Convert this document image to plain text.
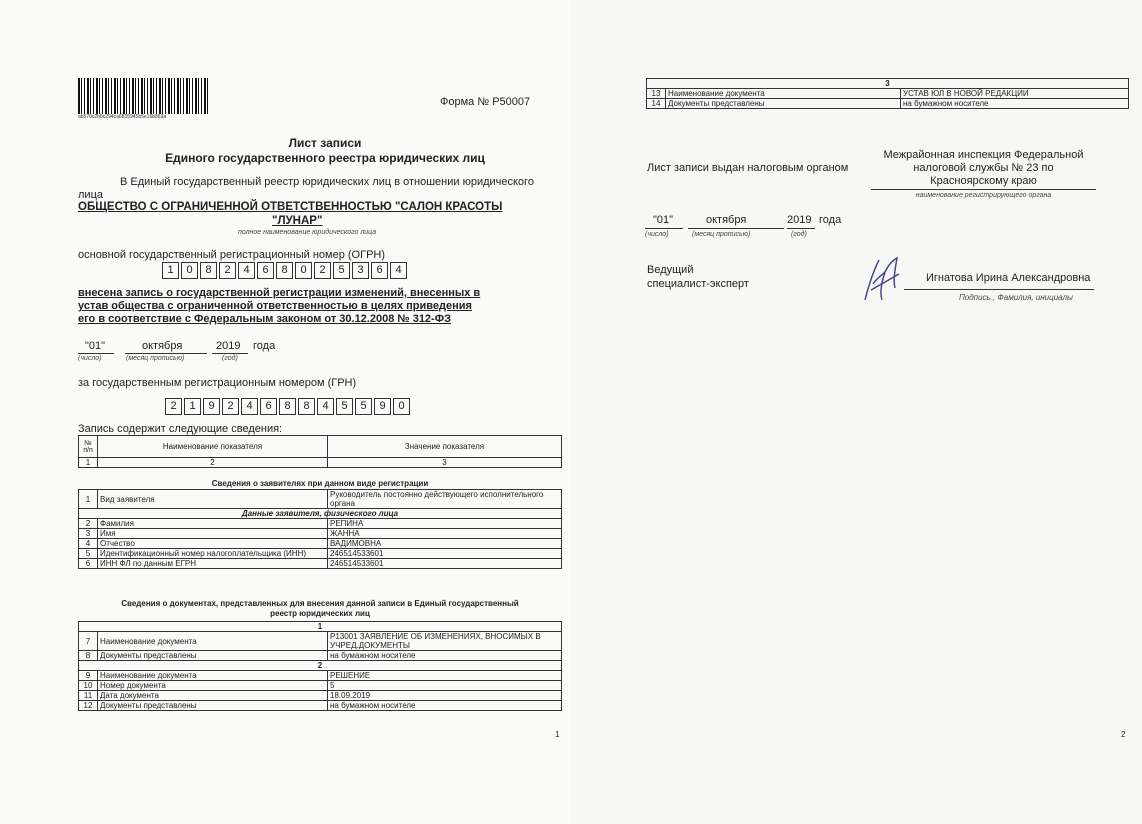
ab570c2b8c294ca6835945b5e16b869a
Форма № Р50007
Лист записи
Единого государственного реестра юридических лиц
В Единый государственный реестр юридических лиц в отношении юридического
лица
ОБЩЕСТВО С ОГРАНИЧЕННОЙ ОТВЕТСТВЕННОСТЬЮ "САЛОН КРАСОТЫ
"ЛУНАР"
полное наименование юридического лица
основной государственный регистрационный номер (ОГРН)
1	0	8	2	4	6	8	0	2	5	3	6	4
внесена запись о государственной регистрации изменений, внесенных в
устав общества с ограниченной ответственностью в целях приведения
его в соответствие с Федеральным законом от 30.12.2008 № 312-ФЗ
"01"	октября	2019 года
(число)	(месяц прописью)	(год)
за государственным регистрационным номером (ГРН)
2	1	9	2	4	6	8	8	4	5	5	9	0
Запись содержит следующие сведения:
№ п/п	Наименование показателя	Значение показателя
1	2	3
Сведения о заявителях при данном виде регистрации
1	Вид заявителя	Руководитель постоянно действующего исполнительного органа
Данные заявителя, физического лица		
2	Фамилия	РЕПИНА
3	Имя	ЖАННА
4	Отчество	ВАДИМОВНА
5	Идентификационный номер налогоплательщика (ИНН)	246514533601
6	ИНН ФЛ по данным ЕГРН	246514533601
Сведения о документах, представленных для внесения данной записи в Единый государственный
реестр юридических лиц
1		
7	Наименование документа	Р13001 ЗАЯВЛЕНИЕ ОБ ИЗМЕНЕНИЯХ, ВНОСИМЫХ В УЧРЕД.ДОКУМЕНТЫ
8	Документы представлены	на бумажном носителе
2		
9	Наименование документа	РЕШЕНИЕ
10	Номер документа	5
11	Дата документа	18.09.2019
12	Документы представлены	на бумажном носителе
1
3		
13	Наименование документа	УСТАВ ЮЛ В НОВОЙ РЕДАКЦИИ
14	Документы представлены	на бумажном носителе
Лист записи выдан налоговым органом
Межрайонная инспекция Федеральной
налоговой службы № 23 по
Красноярскому краю
наименование регистрирующего органа
"01"	октября	2019 года
(число)	(месяц прописью)	(год)
Ведущий
специалист-эксперт	Игнатова Ирина Александровна
Подпись , Фамилия, инициалы
2
